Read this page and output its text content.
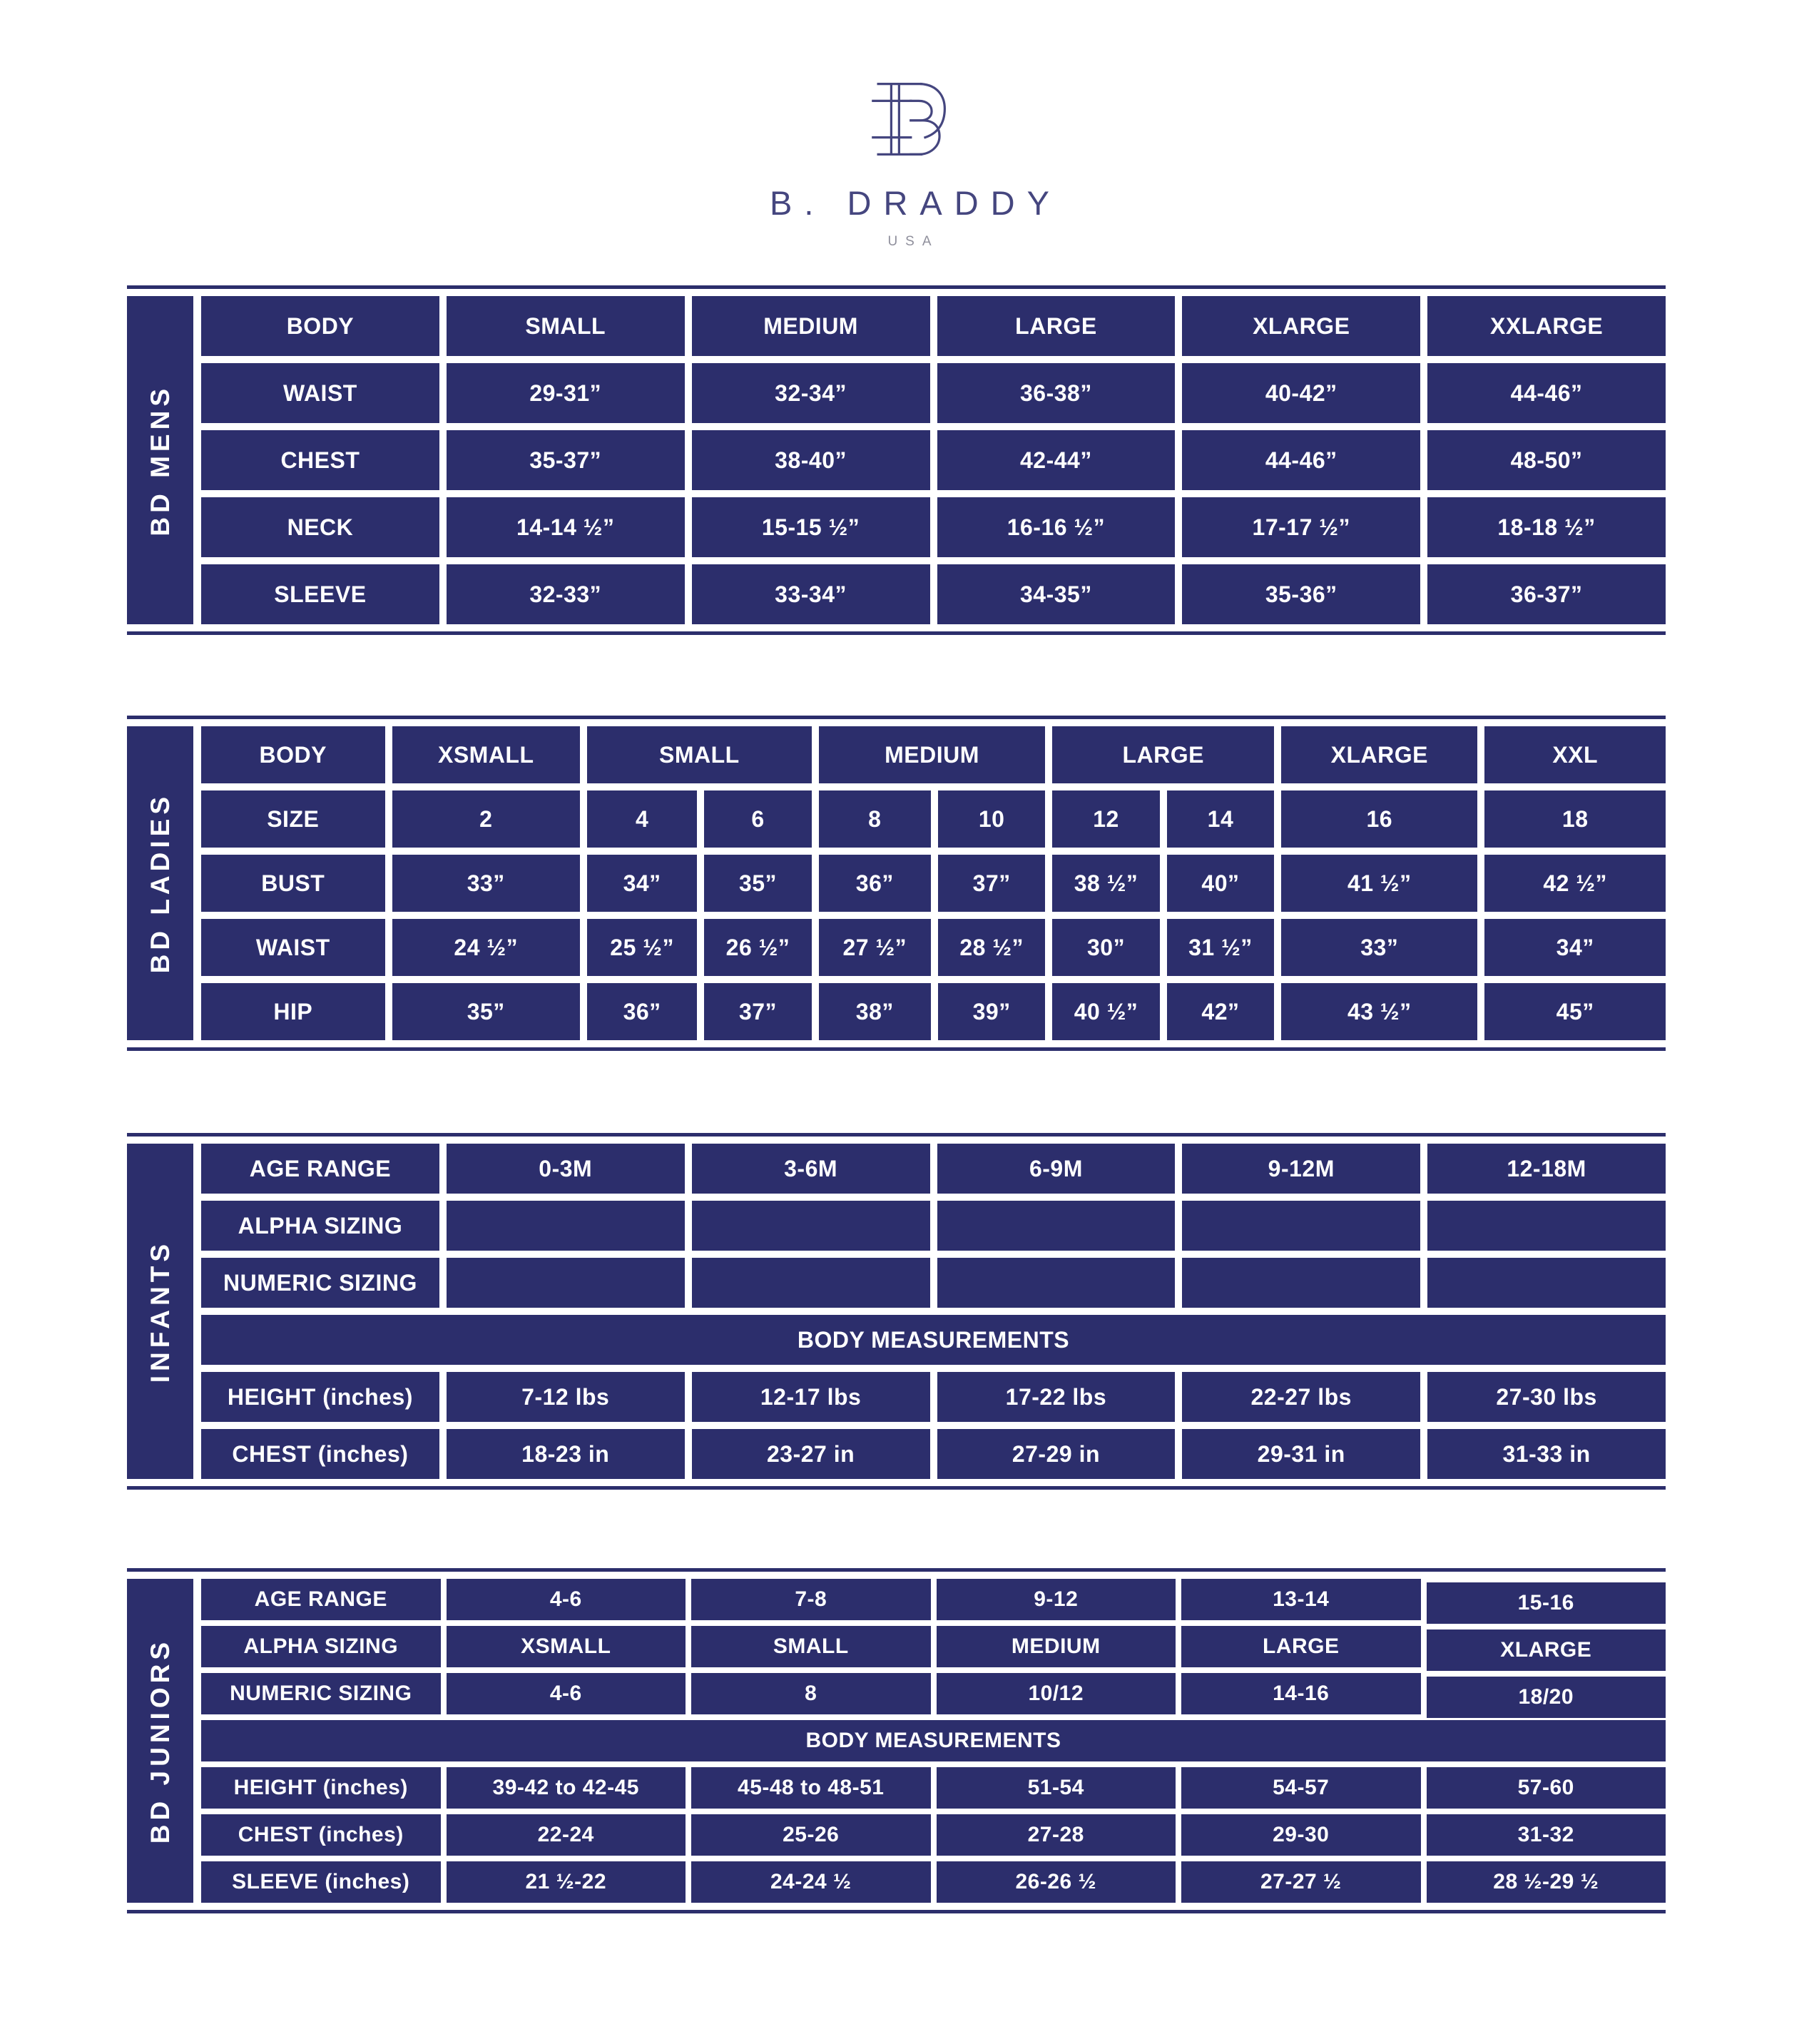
B. DRADDY
USA
BD MENS
BODY	SMALL	MEDIUM	LARGE	XLARGE	XXLARGE
WAIST	29-31”	32-34”	36-38”	40-42”	44-46”
CHEST	35-37”	38-40”	42-44”	44-46”	48-50”
NECK	14-14 ½”	15-15 ½”	16-16 ½”	17-17 ½”	18-18 ½”
SLEEVE	32-33”	33-34”	34-35”	35-36”	36-37”
BD LADIES
BODY	XSMALL	SMALL	MEDIUM	LARGE	XLARGE	XXL
SIZE	2	4	6	8	10	12	14	16	18
BUST	33”	34”	35”	36”	37”	38 ½”	40”	41 ½”	42 ½”
WAIST	24 ½”	25 ½”	26 ½”	27 ½”	28 ½”	30”	31 ½”	33”	34”
HIP	35”	36”	37”	38”	39”	40 ½”	42”	43 ½”	45”
INFANTS
AGE RANGE	0-3M	3-6M	6-9M	9-12M	12-18M
ALPHA SIZING
NUMERIC SIZING
BODY MEASUREMENTS
HEIGHT (inches)	7-12 lbs	12-17 lbs	17-22 lbs	22-27 lbs	27-30 lbs
CHEST (inches)	18-23 in	23-27 in	27-29 in	29-31 in	31-33 in
BD JUNIORS
AGE RANGE	4-6	7-8	9-12	13-14	15-16
ALPHA SIZING	XSMALL	SMALL	MEDIUM	LARGE	XLARGE
NUMERIC SIZING	4-6	8	10/12	14-16	18/20
BODY MEASUREMENTS
HEIGHT (inches)	39-42 to 42-45	45-48 to 48-51	51-54	54-57	57-60
CHEST (inches)	22-24	25-26	27-28	29-30	31-32
SLEEVE (inches)	21 ½-22	24-24 ½	26-26 ½	27-27 ½	28 ½-29 ½
